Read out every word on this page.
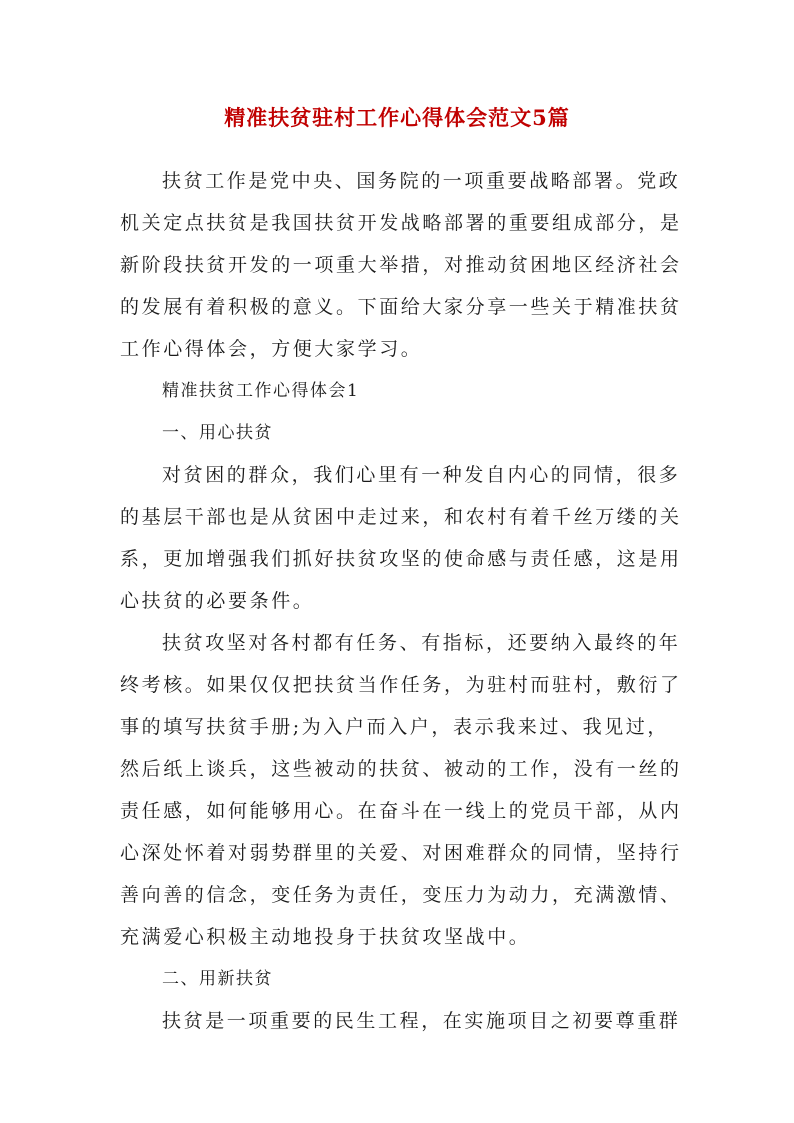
精准扶贫驻村工作心得体会范文5篇
扶贫工作是党中央、国务院的一项重要战略部署。党政
机关定点扶贫是我国扶贫开发战略部署的重要组成部分，是
新阶段扶贫开发的一项重大举措，对推动贫困地区经济社会
的发展有着积极的意义。下面给大家分享一些关于精准扶贫
工作心得体会，方便大家学习。
精准扶贫工作心得体会1
一、用心扶贫
对贫困的群众，我们心里有一种发自内心的同情，很多
的基层干部也是从贫困中走过来，和农村有着千丝万缕的关
系，更加增强我们抓好扶贫攻坚的使命感与责任感，这是用
心扶贫的必要条件。
扶贫攻坚对各村都有任务、有指标，还要纳入最终的年
终考核。如果仅仅把扶贫当作任务，为驻村而驻村，敷衍了
事的填写扶贫手册;为入户而入户，表示我来过、我见过，
然后纸上谈兵，这些被动的扶贫、被动的工作，没有一丝的
责任感，如何能够用心。在奋斗在一线上的党员干部，从内
心深处怀着对弱势群里的关爱、对困难群众的同情，坚持行
善向善的信念，变任务为责任，变压力为动力，充满激情、
充满爱心积极主动地投身于扶贫攻坚战中。
二、用新扶贫
扶贫是一项重要的民生工程，在实施项目之初要尊重群
